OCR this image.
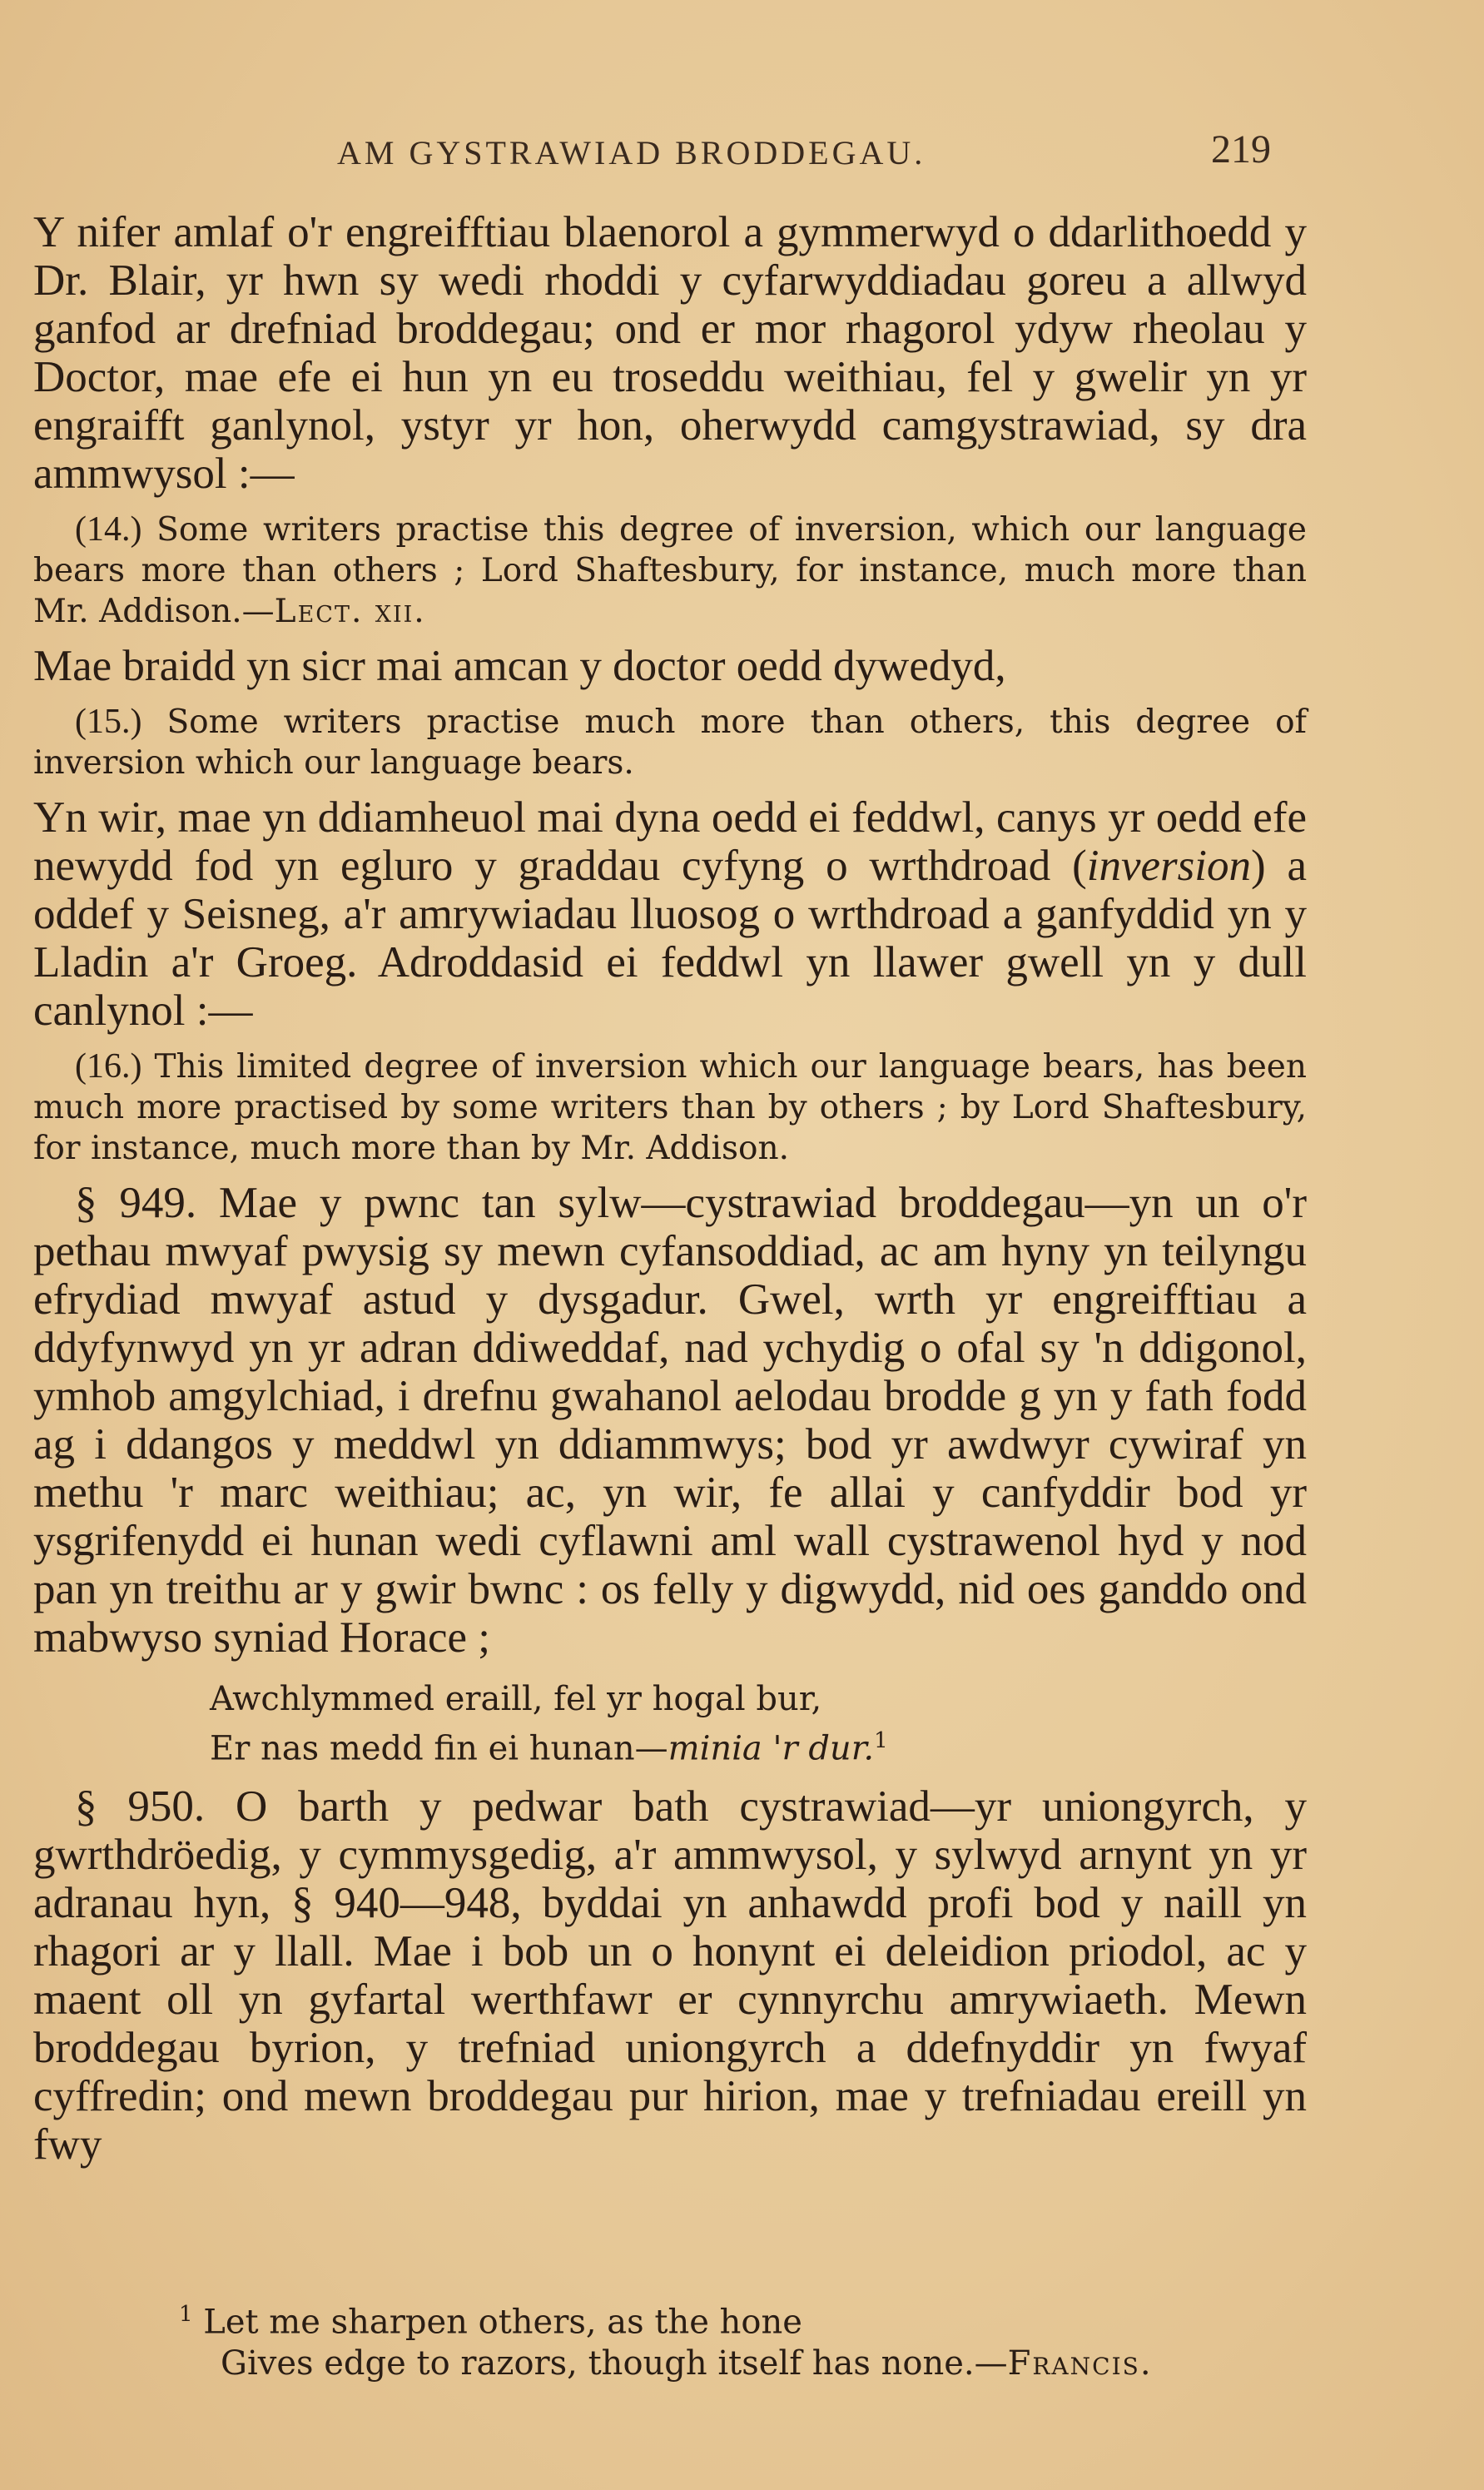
AM GYSTRAWIAD BRODDEGAU.	219

Y nifer amlaf o'r engreifftiau blaenorol a gymmerwyd o ddarlithoedd y Dr. Blair, yr hwn sy wedi rhoddi y cyfarwyddiadau goreu a allwyd ganfod ar drefniad broddegau; ond er mor rhagorol ydyw rheolau y Doctor, mae efe ei hun yn eu troseddu weithiau, fel y gwelir yn yr engraifft ganlynol, ystyr yr hon, oherwydd camgystrawiad, sy dra ammwysol :—

(14.) Some writers practise this degree of inversion, which our language bears more than others ; Lord Shaftesbury, for instance, much more than Mr. Addison.—Lect. xii.

Mae braidd yn sicr mai amcan y doctor oedd dywedyd,

(15.) Some writers practise much more than others, this degree of inversion which our language bears.

Yn wir, mae yn ddiamheuol mai dyna oedd ei feddwl, canys yr oedd efe newydd fod yn egluro y graddau cyfyng o wrthdroad (inversion) a oddef y Seisneg, a'r amrywiadau lluosog o wrthdroad a ganfyddid yn y Lladin a'r Groeg. Adroddasid ei feddwl yn llawer gwell yn y dull canlynol :—

(16.) This limited degree of inversion which our language bears, has been much more practised by some writers than by others ; by Lord Shaftesbury, for instance, much more than by Mr. Addison.

§ 949. Mae y pwnc tan sylw—cystrawiad broddegau—yn un o'r pethau mwyaf pwysig sy mewn cyfansoddiad, ac am hyny yn teilyngu efrydiad mwyaf astud y dysgadur. Gwel, wrth yr engreifftiau a ddyfynwyd yn yr adran ddiweddaf, nad ychydig o ofal sy 'n ddigonol, ymhob amgylchiad, i drefnu gwahanol aelodau brodde g yn y fath fodd ag i ddangos y meddwl yn ddiammwys; bod yr awdwyr cywiraf yn methu 'r marc weithiau; ac, yn wir, fe allai y canfyddir bod yr ysgrifenydd ei hunan wedi cyflawni aml wall cystrawenol hyd y nod pan yn treithu ar y gwir bwnc : os felly y digwydd, nid oes ganddo ond mabwyso syniad Horace ;

Awchlymmed eraill, fel yr hogal bur,
Er nas medd fin ei hunan—minia 'r dur.$^1$

§ 950. O barth y pedwar bath cystrawiad—yr uniongyrch, y gwrthdröedig, y cymmysgedig, a'r ammwysol, y sylwyd arnynt yn yr adranau hyn, § 940—948, byddai yn anhawdd profi bod y naill yn rhagori ar y llall. Mae i bob un o honynt ei deleidion priodol, ac y maent oll yn gyfartal werthfawr er cynnyrchu amrywiaeth. Mewn broddegau byrion, y trefniad uniongyrch a ddefnyddir yn fwyaf cyffredin; ond mewn broddegau pur hirion, mae y trefniadau ereill yn fwy

$^1$ Let me sharpen others, as the hone
Gives edge to razors, though itself has none.—Francis.
